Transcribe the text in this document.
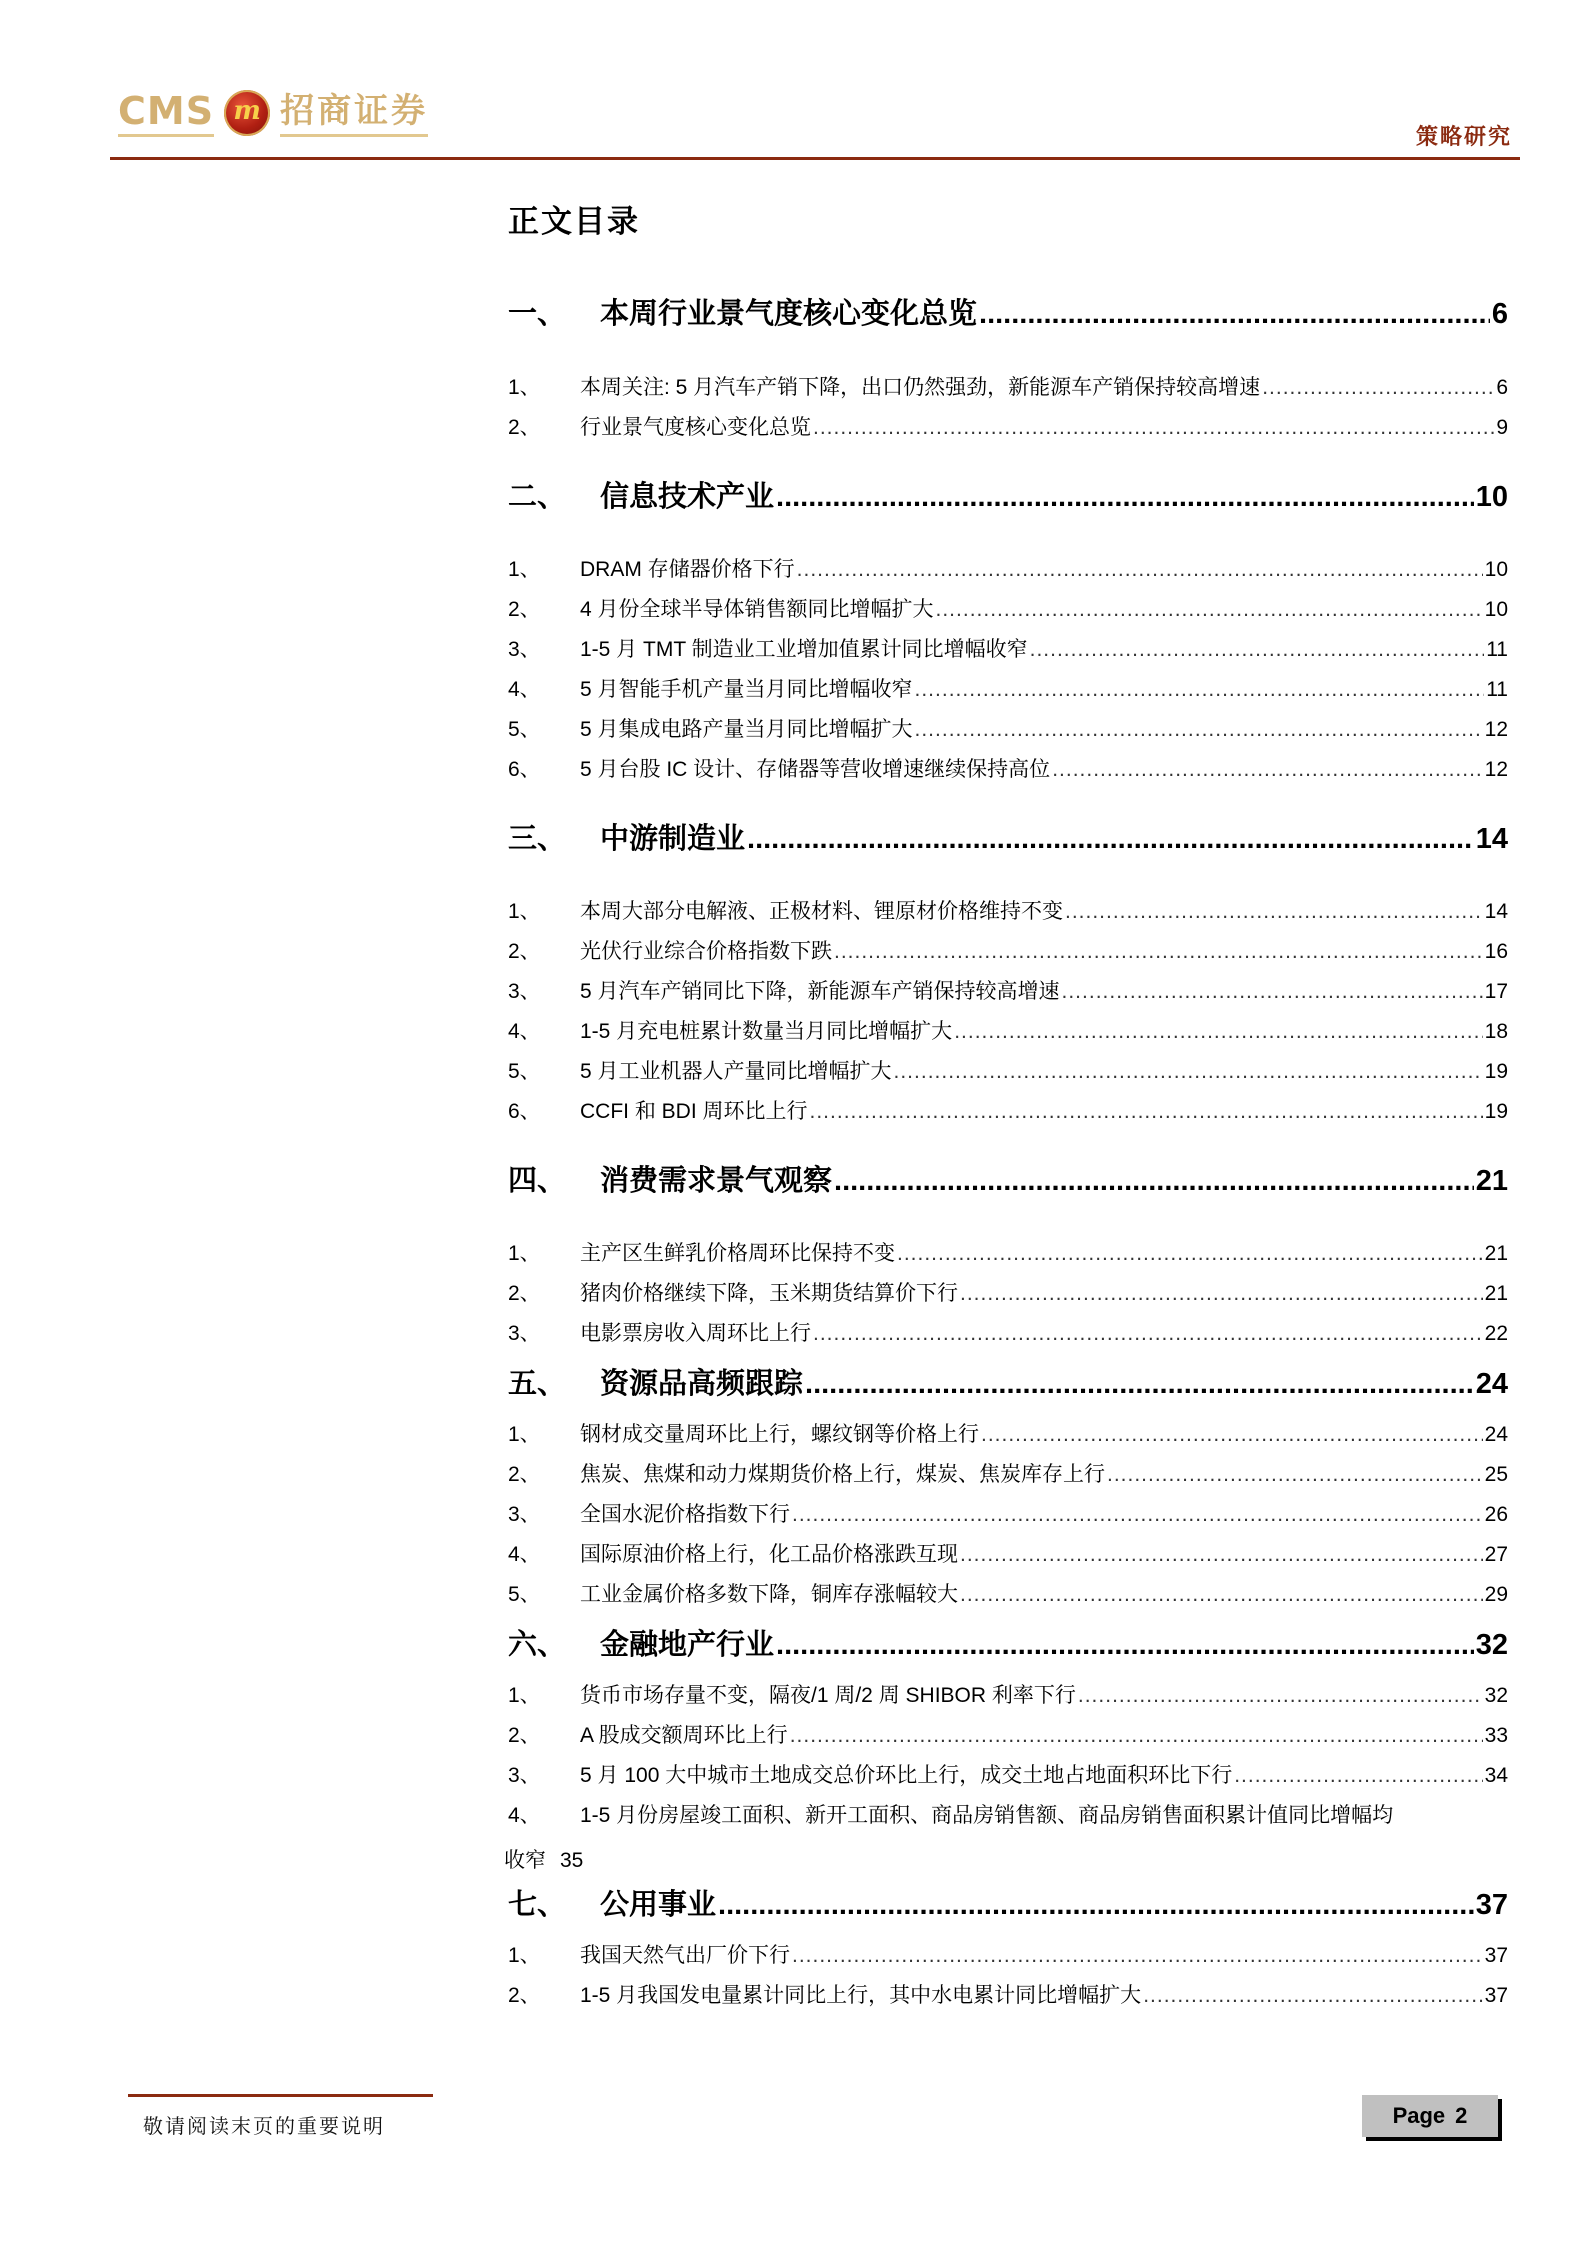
CMS m 招商证券
策略研究
正文目录
一、	本周行业景气度核心变化总览 .....	6
1、	本周关注: 5 月汽车产销下降，出口仍然强劲，新能源车产销保持较高增速 .....	6
2、	行业景气度核心变化总览 .....	9
二、	信息技术产业 .....	10
1、	DRAM 存储器价格下行 .....	10
2、	4 月份全球半导体销售额同比增幅扩大 .....	10
3、	1-5 月 TMT 制造业工业增加值累计同比增幅收窄 .....	11
4、	5 月智能手机产量当月同比增幅收窄 .....	11
5、	5 月集成电路产量当月同比增幅扩大 .....	12
6、	5 月台股 IC 设计、存储器等营收增速继续保持高位 .....	12
三、	中游制造业 .....	14
1、	本周大部分电解液、正极材料、锂原材价格维持不变 .....	14
2、	光伏行业综合价格指数下跌 .....	16
3、	5 月汽车产销同比下降，新能源车产销保持较高增速 .....	17
4、	1-5 月充电桩累计数量当月同比增幅扩大 .....	18
5、	5 月工业机器人产量同比增幅扩大 .....	19
6、	CCFI 和 BDI 周环比上行 .....	19
四、	消费需求景气观察 .....	21
1、	主产区生鲜乳价格周环比保持不变 .....	21
2、	猪肉价格继续下降，玉米期货结算价下行 .....	21
3、	电影票房收入周环比上行 .....	22
五、	资源品高频跟踪 .....	24
1、	钢材成交量周环比上行，螺纹钢等价格上行 .....	24
2、	焦炭、焦煤和动力煤期货价格上行，煤炭、焦炭库存上行 .....	25
3、	全国水泥价格指数下行 .....	26
4、	国际原油价格上行，化工品价格涨跌互现 .....	27
5、	工业金属价格多数下降，铜库存涨幅较大 .....	29
六、	金融地产行业 .....	32
1、	货币市场存量不变，隔夜/1 周/2 周 SHIBOR 利率下行 .....	32
2、	A 股成交额周环比上行 .....	33
3、	5 月 100 大中城市土地成交总价环比上行，成交土地占地面积环比下行 .....	34
4、	1-5 月份房屋竣工面积、新开工面积、商品房销售额、商品房销售面积累计值同比增幅均
收窄 35
七、	公用事业 .....	37
1、	我国天然气出厂价下行 .....	37
2、	1-5 月我国发电量累计同比上行，其中水电累计同比增幅扩大 .....	37
敬请阅读末页的重要说明	Page 2
